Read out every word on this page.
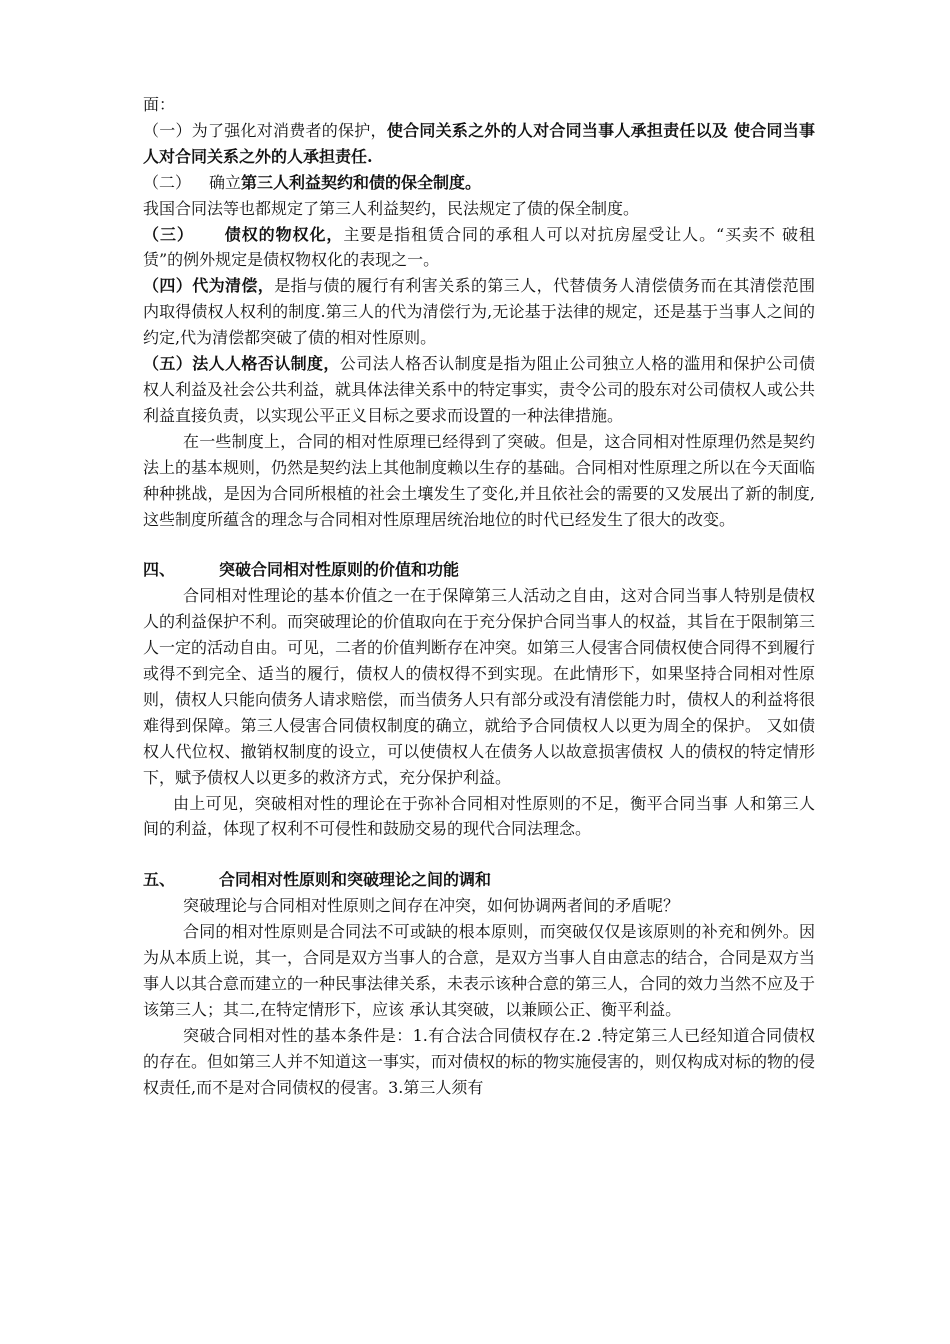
面：

（一）为了强化对消费者的保护，使合同关系之外的人对合同当事人承担责任以及 使合同当事人对合同关系之外的人承担责任.

（二） 确立第三人利益契约和债的保全制度。

我国合同法等也都规定了第三人利益契约，民法规定了债的保全制度。

（三） 债权的物权化，主要是指租赁合同的承租人可以对抗房屋受让人。“买卖不 破租赁”的例外规定是债权物权化的表现之一。

（四）代为清偿，是指与债的履行有利害关系的第三人，代替债务人清偿债务而在其清偿范围内取得债权人权利的制度.第三人的代为清偿行为,无论基于法律的规定，还是基于当事人之间的约定,代为清偿都突破了债的相对性原则。

（五）法人人格否认制度，公司法人格否认制度是指为阻止公司独立人格的滥用和保护公司债权人利益及社会公共利益，就具体法律关系中的特定事实，责令公司的股东对公司债权人或公共利益直接负责，以实现公平正义目标之要求而设置的一种法律措施。

在一些制度上，合同的相对性原理已经得到了突破。但是，这合同相对性原理仍然是契约法上的基本规则，仍然是契约法上其他制度赖以生存的基础。合同相对性原理之所以在今天面临种种挑战，是因为合同所根植的社会土壤发生了变化,并且依社会的需要的又发展出了新的制度,这些制度所蕴含的理念与合同相对性原理居统治地位的时代已经发生了很大的改变。

四、	突破合同相对性原则的价值和功能

合同相对性理论的基本价值之一在于保障第三人活动之自由，这对合同当事人特别是债权人的利益保护不利。而突破理论的价值取向在于充分保护合同当事人的权益，其旨在于限制第三人一定的活动自由。可见，二者的价值判断存在冲突。如第三人侵害合同债权使合同得不到履行或得不到完全、适当的履行，债权人的债权得不到实现。在此情形下，如果坚持合同相对性原则，债权人只能向债务人请求赔偿，而当债务人只有部分或没有清偿能力时，债权人的利益将很难得到保障。第三人侵害合同债权制度的确立，就给予合同债权人以更为周全的保护。 又如债权人代位权、撤销权制度的设立，可以使债权人在债务人以故意损害债权 人的债权的特定情形下，赋予债权人以更多的救济方式，充分保护利益。

由上可见，突破相对性的理论在于弥补合同相对性原则的不足，衡平合同当事 人和第三人间的利益，体现了权利不可侵性和鼓励交易的现代合同法理念。

五、	合同相对性原则和突破理论之间的调和

突破理论与合同相对性原则之间存在冲突，如何协调两者间的矛盾呢？

合同的相对性原则是合同法不可或缺的根本原则，而突破仅仅是该原则的补充和例外。因为从本质上说，其一，合同是双方当事人的合意，是双方当事人自由意志的结合，合同是双方当事人以其合意而建立的一种民事法律关系，未表示该种合意的第三人，合同的效力当然不应及于该第三人；其二,在特定情形下，应该 承认其突破，以兼顾公正、衡平利益。

突破合同相对性的基本条件是：1.有合法合同债权存在.2 .特定第三人已经知道合同债权的存在。但如第三人并不知道这一事实，而对债权的标的物实施侵害的，则仅构成对标的物的侵权责任,而不是对合同债权的侵害。3.第三人须有
